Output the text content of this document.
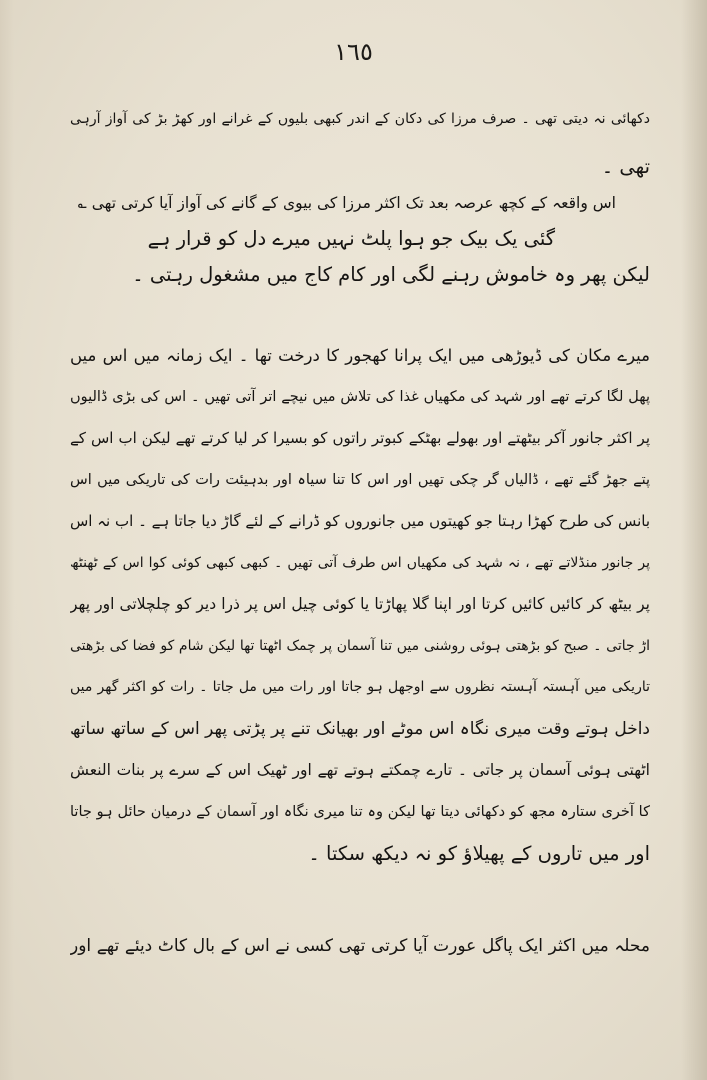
١٦٥
دکھائی نہ دیتی تھی ۔ صرف مرزا کی دکان کے اندر کبھی بلیوں کے غرانے اور کھڑ بڑ کی آواز آرہی
تھی ۔
اس واقعہ کے کچھ عرصہ بعد تک اکثر مرزا کی بیوی کے گانے کی آواز آیا کرتی تھی ؎
گئی یک بیک جو ہوا پلٹ نہیں میرے دل کو قرار ہے
لیکن پھر وہ خاموش رہنے لگی اور کام کاج میں مشغول رہتی ۔
میرے مکان کی ڈیوڑھی میں ایک پرانا کھجور کا درخت تھا ۔ ایک زمانہ میں اس میں
پھل لگا کرتے تھے اور شہد کی مکھیاں غذا کی تلاش میں نیچے اتر آتی تھیں ۔ اس کی بڑی ڈالیوں
پر اکثر جانور آکر بیٹھتے اور بھولے بھٹکے کبوتر راتوں کو بسیرا کر لیا کرتے تھے لیکن اب اس کے
پتے جھڑ گئے تھے ، ڈالیاں گر چکی تھیں اور اس کا تنا سیاہ اور بدہیئت رات کی تاریکی میں اس
بانس کی طرح کھڑا رہتا جو کھیتوں میں جانوروں کو ڈرانے کے لئے گاڑ دیا جاتا ہے ۔ اب نہ اس
پر جانور منڈلاتے تھے ، نہ شہد کی مکھیاں اس طرف آتی تھیں ۔ کبھی کبھی کوئی کوا اس کے ٹھنٹھ
پر بیٹھ کر کائیں کائیں کرتا اور اپنا گلا پھاڑتا یا کوئی چیل اس پر ذرا دیر کو چلچلاتی اور پھر
اڑ جاتی ۔ صبح کو بڑھتی ہوئی روشنی میں تنا آسمان پر چمک اٹھتا تھا لیکن شام کو فضا کی بڑھتی
تاریکی میں آہستہ آہستہ نظروں سے اوجھل ہو جاتا اور رات میں مل جاتا ۔ رات کو اکثر گھر میں
داخل ہوتے وقت میری نگاہ اس موٹے اور بھیانک تنے پر پڑتی پھر اس کے ساتھ ساتھ
اٹھتی ہوئی آسمان پر جاتی ۔ تارے چمکتے ہوتے تھے اور ٹھیک اس کے سرے پر بنات النعش
کا آخری ستارہ مجھ کو دکھائی دیتا تھا لیکن وہ تنا میری نگاہ اور آسمان کے درمیان حائل ہو جاتا
اور میں تاروں کے پھیلاؤ کو نہ دیکھ سکتا ۔
محلہ میں اکثر ایک پاگل عورت آیا کرتی تھی کسی نے اس کے بال کاٹ دیئے تھے اور
